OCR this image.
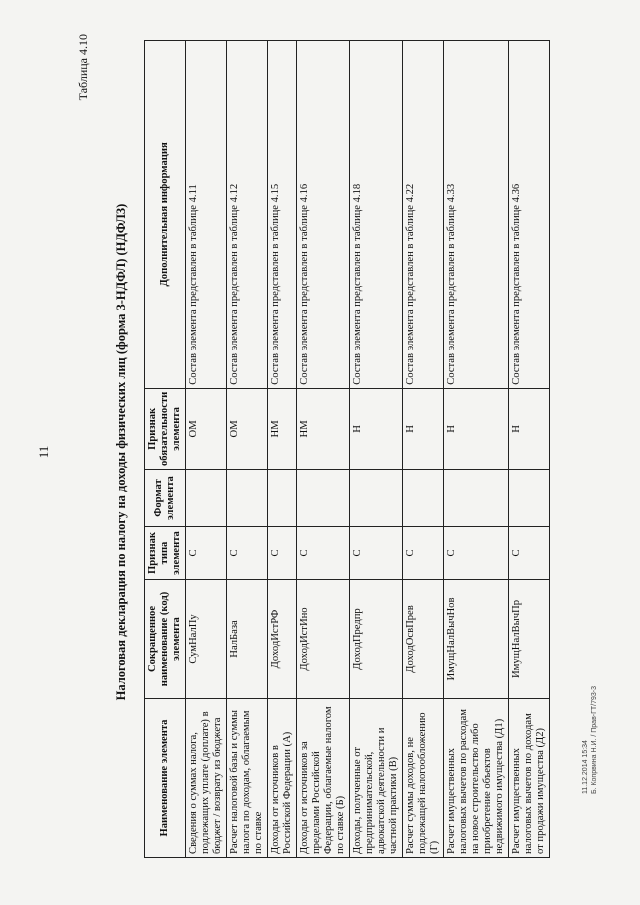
11
11.12.2014 15:34 Б. Копрвина Н.И. / Прав-ГТ/793-3
Таблица 4.10
Налоговая декларация по налогу на доходы физических лиц (форма 3-НДФЛ) (НДФЛ3)
Наименование элемента	Сокращенное наименование (код) элемента	Признак типа элемента	Формат элемента	Признак обязательности элемента	Дополнительная информация
Сведения о суммах налога, подлежащих уплате (доплате) в бюджет / возврату из бюджета	СумНалПу	С		ОМ	Состав элемента представлен в таблице 4.11
Расчет налоговой базы и суммы налога по доходам, облагаемым по ставке	НалБаза	С		ОМ	Состав элемента представлен в таблице 4.12
Доходы от источников в Российской Федерации (А)	ДоходИстРФ	С		НМ	Состав элемента представлен в таблице 4.15
Доходы от источников за пределами Российской Федерации, облагаемые налогом по ставке (Б)	ДоходИстИно	С		НМ	Состав элемента представлен в таблице 4.16
Доходы, полученные от предпринимательской, адвокатской деятельности и частной практики (В)	ДоходПредпр	С		Н	Состав элемента представлен в таблице 4.18
Расчет суммы доходов, не подлежащей налогообложению (Г)	ДоходОсвПрев	С		Н	Состав элемента представлен в таблице 4.22
Расчет имущественных налоговых вычетов по расходам на новое строительство либо приобретение объектов недвижимого имущества (Д1)	ИмущНалВычНов	С		Н	Состав элемента представлен в таблице 4.33
Расчет имущественных налоговых вычетов по доходам от продажи имущества (Д2)	ИмущНалВычПр	С		Н	Состав элемента представлен в таблице 4.36
